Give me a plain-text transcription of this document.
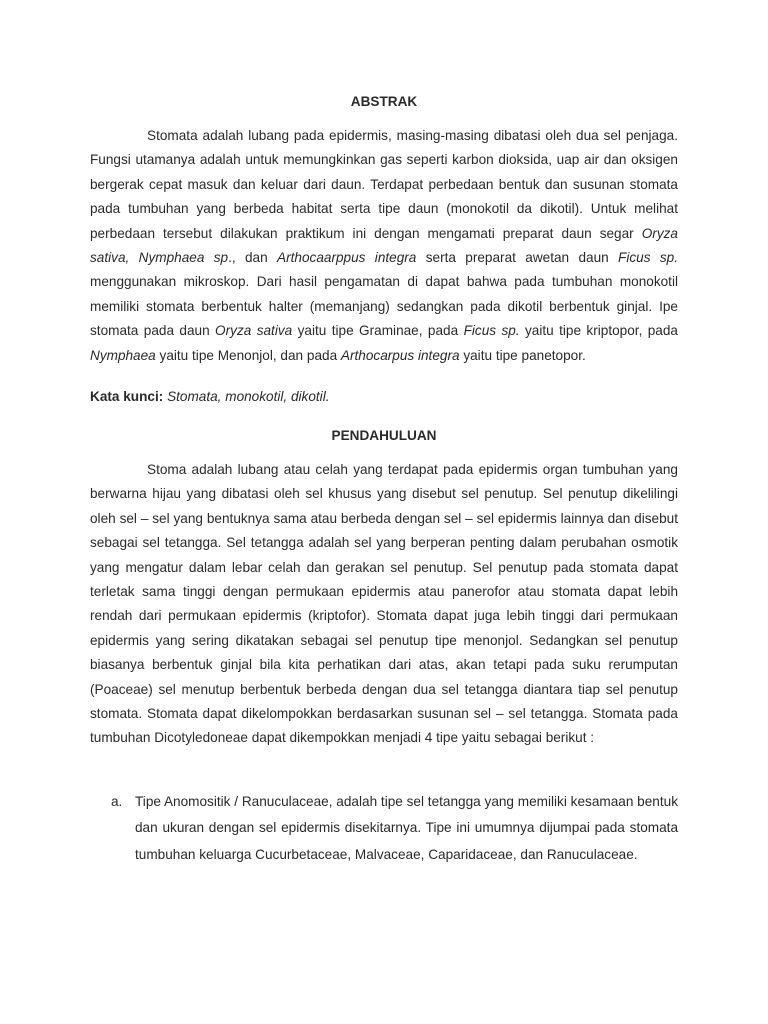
ABSTRAK
Stomata adalah lubang pada epidermis, masing-masing dibatasi oleh dua sel penjaga. Fungsi utamanya adalah untuk memungkinkan gas seperti karbon dioksida, uap air dan oksigen bergerak cepat masuk dan keluar dari daun. Terdapat perbedaan bentuk dan susunan stomata pada tumbuhan yang berbeda habitat serta tipe daun (monokotil da dikotil). Untuk melihat perbedaan tersebut dilakukan praktikum ini dengan mengamati preparat daun segar Oryza sativa, Nymphaea sp., dan Arthocaarppus integra serta preparat awetan daun Ficus sp. menggunakan mikroskop. Dari hasil pengamatan di dapat bahwa pada tumbuhan monokotil memiliki stomata berbentuk halter (memanjang) sedangkan pada dikotil berbentuk ginjal. Ipe stomata pada daun Oryza sativa yaitu tipe Graminae, pada Ficus sp. yaitu tipe kriptopor, pada Nymphaea yaitu tipe Menonjol, dan pada Arthocarpus integra yaitu tipe panetopor.
Kata kunci: Stomata, monokotil, dikotil.
PENDAHULUAN
Stoma adalah lubang atau celah yang terdapat pada epidermis organ tumbuhan yang berwarna hijau yang dibatasi oleh sel khusus yang disebut sel penutup. Sel penutup dikelilingi oleh sel – sel yang bentuknya sama atau berbeda dengan sel – sel epidermis lainnya dan disebut sebagai sel tetangga. Sel tetangga adalah sel yang berperan penting dalam perubahan osmotik yang mengatur dalam lebar celah dan gerakan sel penutup. Sel penutup pada stomata dapat terletak sama tinggi dengan permukaan epidermis atau panerofor atau stomata dapat lebih rendah dari permukaan epidermis (kriptofor). Stomata dapat juga lebih tinggi dari permukaan epidermis yang sering dikatakan sebagai sel penutup tipe menonjol. Sedangkan sel penutup biasanya berbentuk ginjal bila kita perhatikan dari atas, akan tetapi pada suku rerumputan (Poaceae) sel menutup berbentuk berbeda dengan dua sel tetangga diantara tiap sel penutup stomata. Stomata dapat dikelompokkan berdasarkan susunan sel – sel tetangga. Stomata pada tumbuhan Dicotyledoneae dapat dikempokkan menjadi 4 tipe yaitu sebagai berikut :
a. Tipe Anomositik / Ranuculaceae, adalah tipe sel tetangga yang memiliki kesamaan bentuk dan ukuran dengan sel epidermis disekitarnya. Tipe ini umumnya dijumpai pada stomata tumbuhan keluarga Cucurbetaceae, Malvaceae, Caparidaceae, dan Ranuculaceae.
